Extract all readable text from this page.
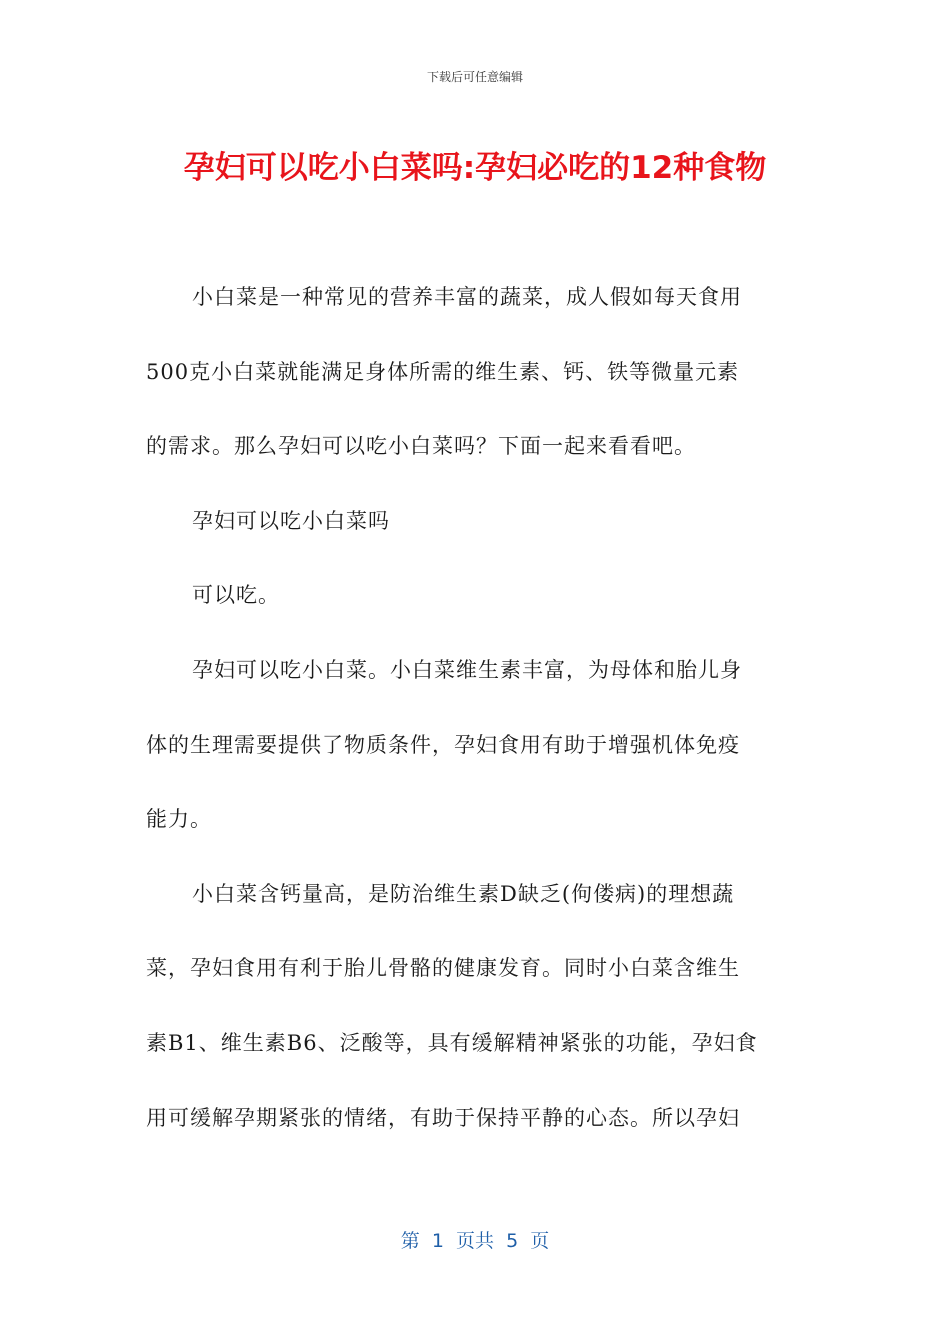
下载后可任意编辑
孕妇可以吃小白菜吗:孕妇必吃的12种食物
小白菜是一种常见的营养丰富的蔬菜，成人假如每天食用
500克小白菜就能满足身体所需的维生素、钙、铁等微量元素
的需求。那么孕妇可以吃小白菜吗？下面一起来看看吧。
孕妇可以吃小白菜吗
可以吃。
孕妇可以吃小白菜。小白菜维生素丰富，为母体和胎儿身
体的生理需要提供了物质条件，孕妇食用有助于增强机体免疫
能力。
小白菜含钙量高，是防治维生素D缺乏(佝偻病)的理想蔬
菜，孕妇食用有利于胎儿骨骼的健康发育。同时小白菜含维生
素B1、维生素B6、泛酸等，具有缓解精神紧张的功能，孕妇食
用可缓解孕期紧张的情绪，有助于保持平静的心态。所以孕妇
第  1  页共  5  页
